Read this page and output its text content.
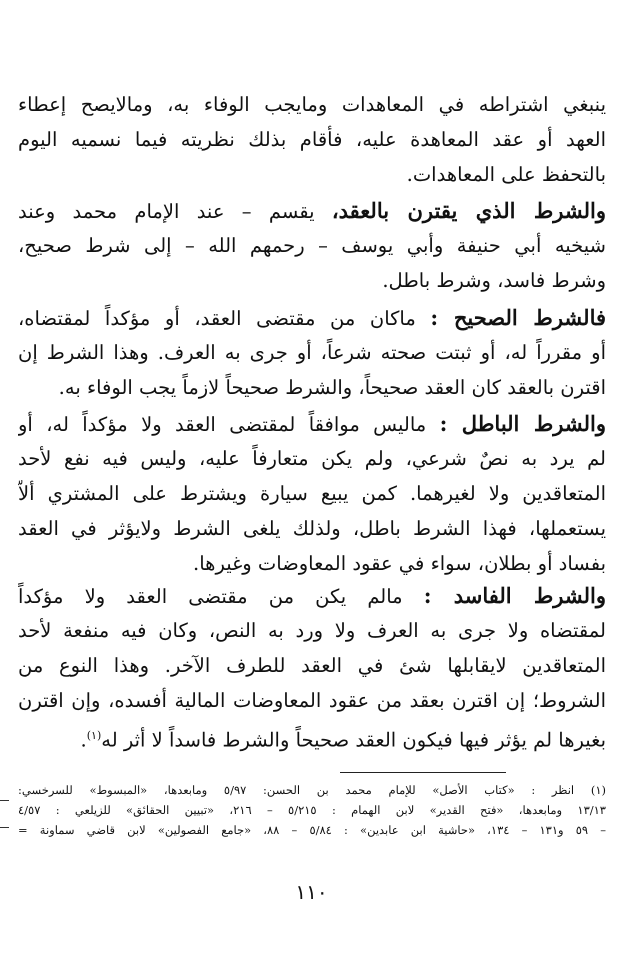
ينبغي اشتراطه في المعاهدات ومايجب الوفاء به، وماﻻيصح إعطاء
العهد أو عقد المعاهدة عليه، فأقام بذلك نظريته فيما نسميه اليوم
بالتحفظ على المعاهدات.
والشرط الذي يقترن بالعقد، يقسم – عند الإمام محمد وعند
شيخيه أبي حنيفة وأبي يوسف – رحمهم الله – إلى شرط صحيح،
وشرط فاسد، وشرط باطل.
فالشرط الصحيح : ماكان من مقتضى العقد، أو مؤكداً لمقتضاه،
أو مقرراً له، أو ثبتت صحته شرعاً، أو جرى به العرف. وهذا الشرط إن
اقترن بالعقد كان العقد صحيحاً، والشرط صحيحاً لازماً يجب الوفاء به.
والشرط الباطل : ماليس موافقاً لمقتضى العقد ولا مؤكداً له، أو
لم يرد به نصٌ شرعي، ولم يكن متعارفاً عليه، وليس فيه نفع لأحد
المتعاقدين ولا لغيرهما. كمن يبيع سيارة ويشترط على المشتري ألاّ
يستعملها، فهذا الشرط باطل، ولذلك يلغى الشرط ولايؤثر في العقد
بفساد أو بطلان، سواء في عقود المعاوضات وغيرها.
والشرط الفاسد : مالم يكن من مقتضى العقد ولا مؤكداً
لمقتضاه ولا جرى به العرف ولا ورد به النص، وكان فيه منفعة لأحد
المتعاقدين لايقابلها شئ في العقد للطرف الآخر. وهذا النوع من
الشروط؛ إن اقترن بعقد من عقود المعاوضات المالية أفسده، وإن اقترن
بغيرها لم يؤثر فيها فيكون العقد صحيحاً والشرط فاسداً لا أثر له$^{(١)}$.
(١) انظر : «كتاب الأصل» للإمام محمد بن الحسن: ٥/٩٧ ومابعدها، «المبسوط» للسرخسي:
١٣/١٣ ومابعدها، «فتح القدير» لابن الهمام : ٥/٢١٥ – ٢١٦، «تبيين الحقائق» للزيلعي : ٤/٥٧
– ٥٩ و١٣١ – ١٣٤، «حاشية ابن عابدين» : ٥/٨٤ – ٨٨، «جامع الفصولين» لابن قاضي سماونة =
١١٠
